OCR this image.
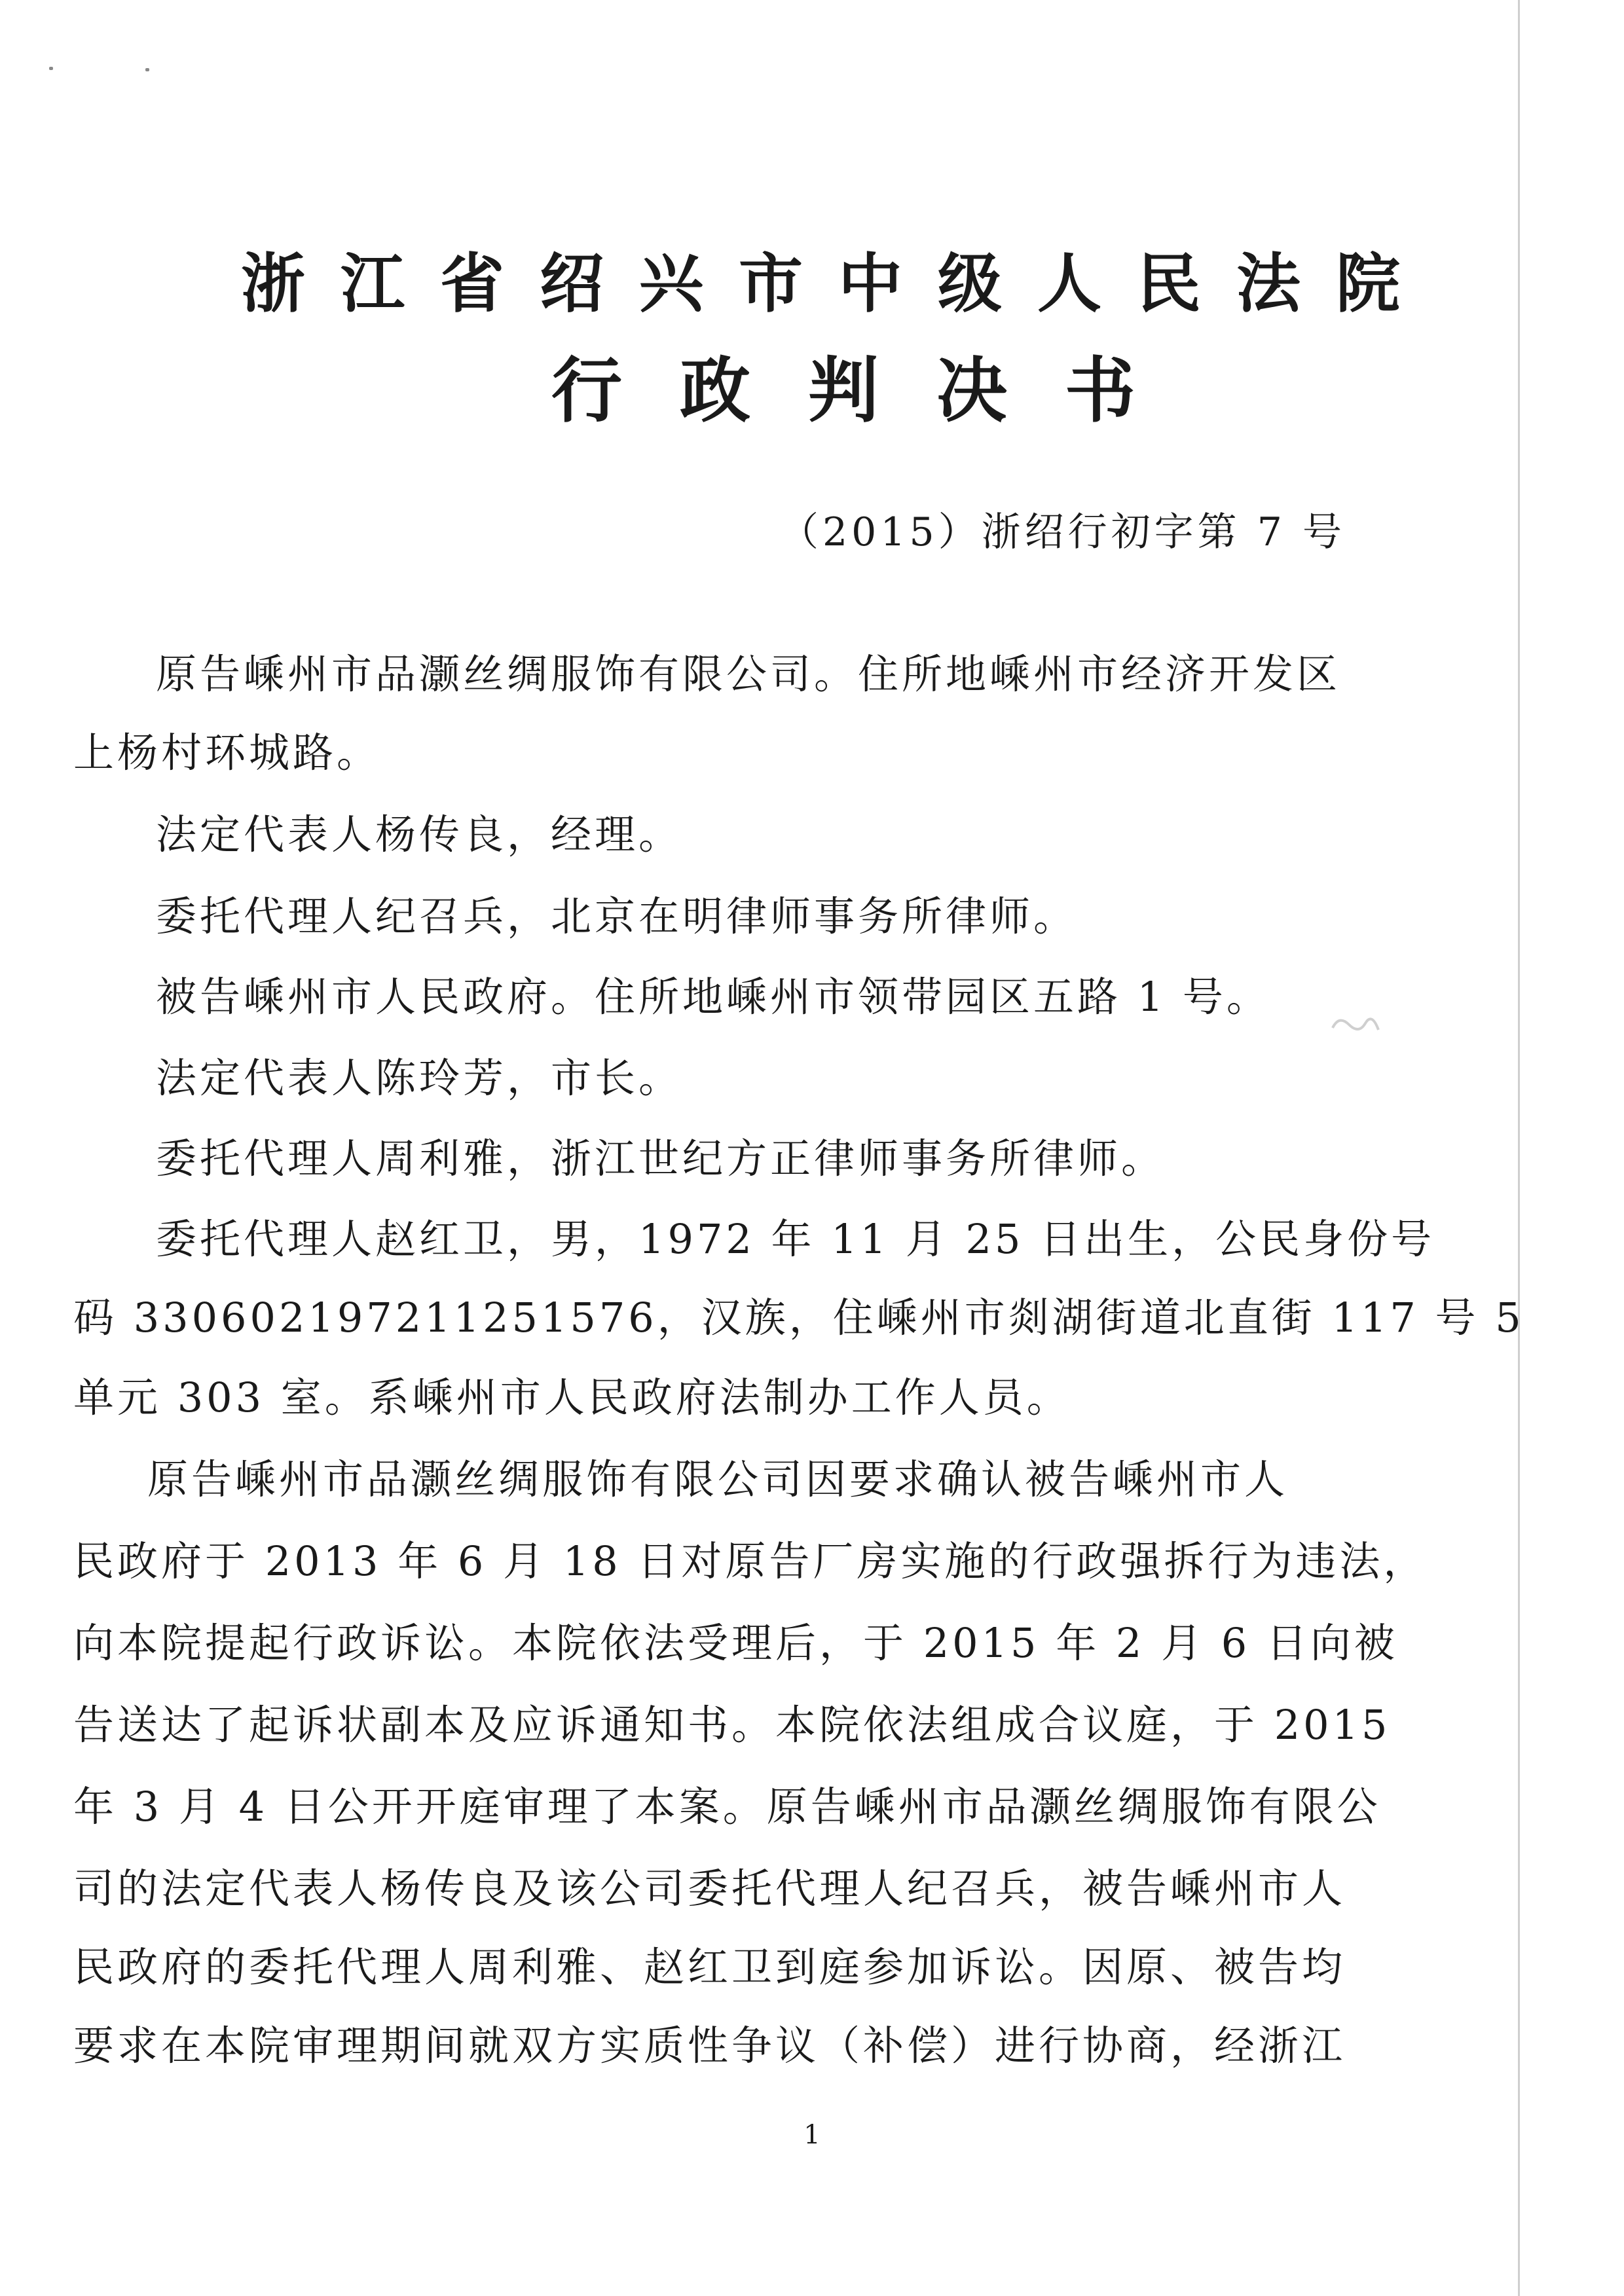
浙江省绍兴市中级人民法院
行政判决书
（2015）浙绍行初字第 7 号
原告嵊州市品灏丝绸服饰有限公司。住所地嵊州市经济开发区
上杨村环城路。
法定代表人杨传良，经理。
委托代理人纪召兵，北京在明律师事务所律师。
被告嵊州市人民政府。住所地嵊州市领带园区五路 1 号。
法定代表人陈玲芳，市长。
委托代理人周利雅，浙江世纪方正律师事务所律师。
委托代理人赵红卫，男，1972 年 11 月 25 日出生，公民身份号
码 330602197211251576，汉族，住嵊州市剡湖街道北直街 117 号 5
单元 303 室。系嵊州市人民政府法制办工作人员。
原告嵊州市品灏丝绸服饰有限公司因要求确认被告嵊州市人
民政府于 2013 年 6 月 18 日对原告厂房实施的行政强拆行为违法，
向本院提起行政诉讼。本院依法受理后，于 2015 年 2 月 6 日向被
告送达了起诉状副本及应诉通知书。本院依法组成合议庭，于 2015
年 3 月 4 日公开开庭审理了本案。原告嵊州市品灏丝绸服饰有限公
司的法定代表人杨传良及该公司委托代理人纪召兵，被告嵊州市人
民政府的委托代理人周利雅、赵红卫到庭参加诉讼。因原、被告均
要求在本院审理期间就双方实质性争议（补偿）进行协商，经浙江
1
